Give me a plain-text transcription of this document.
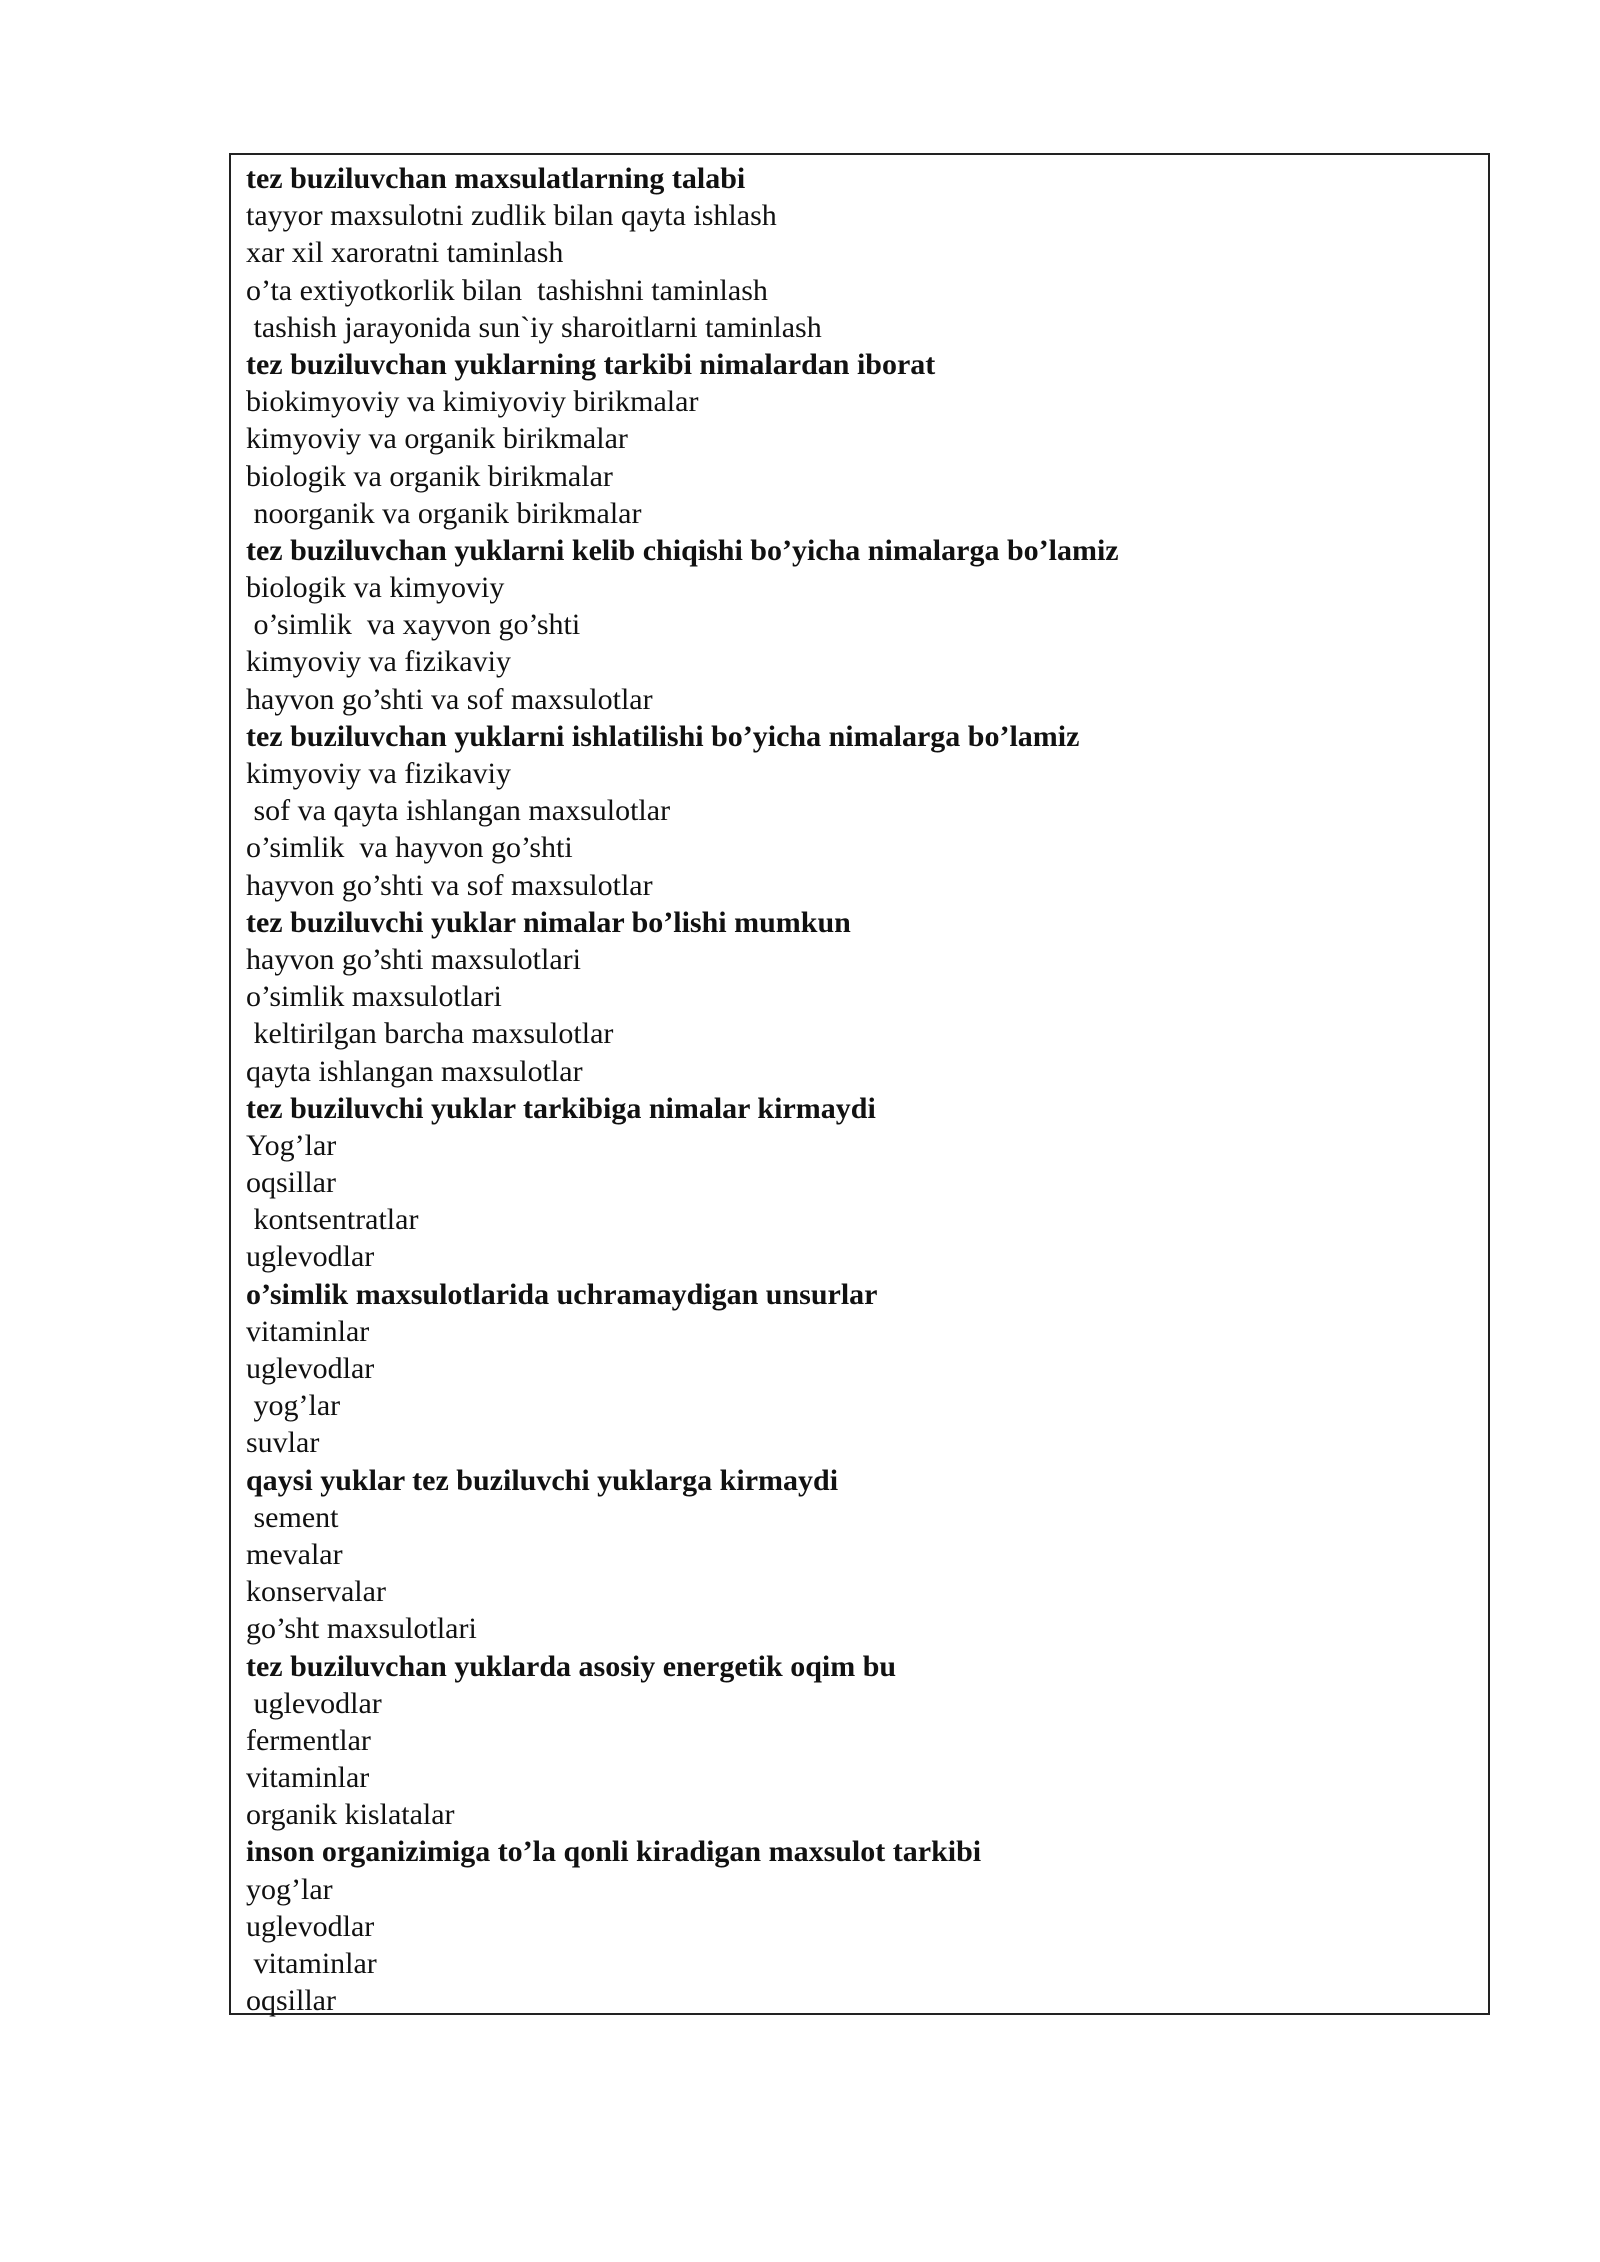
tez buziluvchan maxsulatlarning talabi
tayyor maxsulotni zudlik bilan qayta ishlash
xar xil xaroratni taminlash
o’ta extiyotkorlik bilan  tashishni taminlash
tashish jarayonida sun`iy sharoitlarni taminlash
tez buziluvchan yuklarning tarkibi nimalardan iborat
biokimyoviy va kimiyoviy birikmalar
kimyoviy va organik birikmalar
biologik va organik birikmalar
noorganik va organik birikmalar
tez buziluvchan yuklarni kelib chiqishi bo’yicha nimalarga bo’lamiz
biologik va kimyoviy
o’simlik  va xayvon go’shti
kimyoviy va fizikaviy
hayvon go’shti va sof maxsulotlar
tez buziluvchan yuklarni ishlatilishi bo’yicha nimalarga bo’lamiz
kimyoviy va fizikaviy
sof va qayta ishlangan maxsulotlar
o’simlik  va hayvon go’shti
hayvon go’shti va sof maxsulotlar
tez buziluvchi yuklar nimalar bo’lishi mumkun
hayvon go’shti maxsulotlari
o’simlik maxsulotlari
keltirilgan barcha maxsulotlar
qayta ishlangan maxsulotlar
tez buziluvchi yuklar tarkibiga nimalar kirmaydi
Yog’lar
oqsillar
kontsentratlar
uglevodlar
o’simlik maxsulotlarida uchramaydigan unsurlar
vitaminlar
uglevodlar
yog’lar
suvlar
qaysi yuklar tez buziluvchi yuklarga kirmaydi
sement
mevalar
konservalar
go’sht maxsulotlari
tez buziluvchan yuklarda asosiy energetik oqim bu
uglevodlar
fermentlar
vitaminlar
organik kislatalar
inson organizimiga to’la qonli kiradigan maxsulot tarkibi
yog’lar
uglevodlar
vitaminlar
oqsillar
